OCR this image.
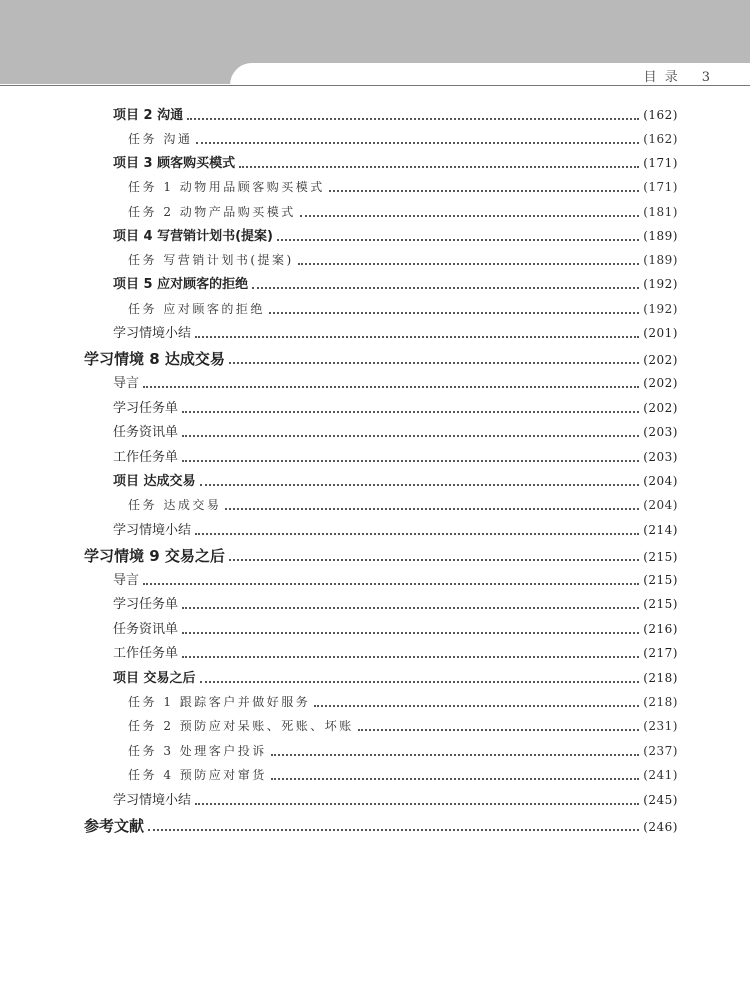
目 录 3
项目 2 沟通	(162)
任务 沟通	(162)
项目 3 顾客购买模式	(171)
任务 1 动物用品顾客购买模式	(171)
任务 2 动物产品购买模式	(181)
项目 4 写营销计划书(提案)	(189)
任务 写营销计划书(提案)	(189)
项目 5 应对顾客的拒绝	(192)
任务 应对顾客的拒绝	(192)
学习情境小结	(201)
学习情境 8 达成交易	(202)
导言	(202)
学习任务单	(202)
任务资讯单	(203)
工作任务单	(203)
项目 达成交易	(204)
任务 达成交易	(204)
学习情境小结	(214)
学习情境 9 交易之后	(215)
导言	(215)
学习任务单	(215)
任务资讯单	(216)
工作任务单	(217)
项目 交易之后	(218)
任务 1 跟踪客户并做好服务	(218)
任务 2 预防应对呆账、死账、坏账	(231)
任务 3 处理客户投诉	(237)
任务 4 预防应对窜货	(241)
学习情境小结	(245)
参考文献	(246)
